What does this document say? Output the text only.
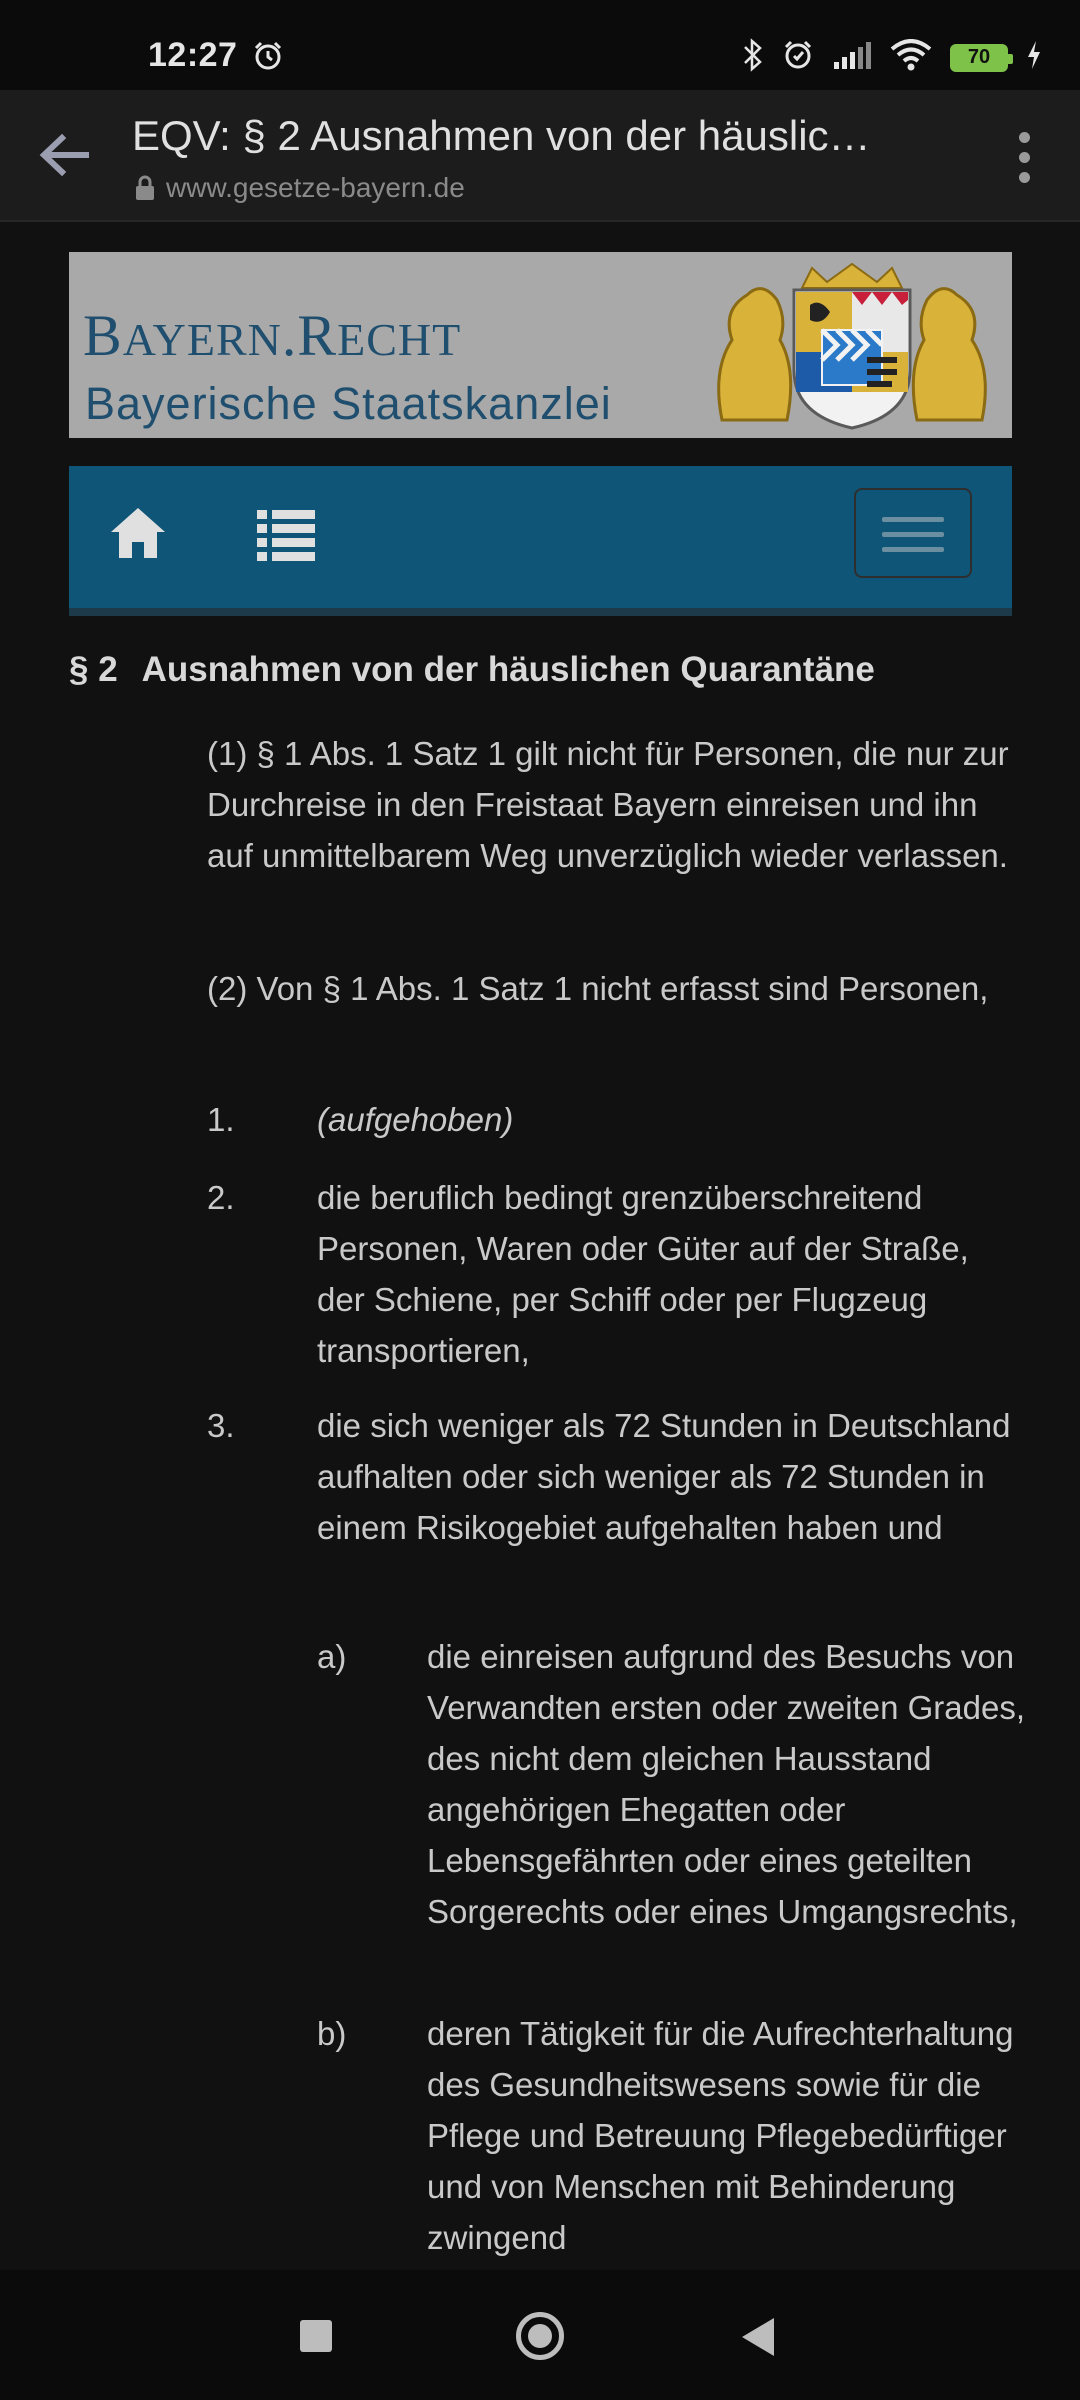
12:27	70
EQV: § 2 Ausnahmen von der häuslic…
www.gesetze-bayern.de
BAYERN.RECHT
Bayerische Staatskanzlei
§ 2 Ausnahmen von der häuslichen Quarantäne
(1) § 1 Abs. 1 Satz 1 gilt nicht für Personen, die nur zur Durchreise in den Freistaat Bayern einreisen und ihn auf unmittelbarem Weg unverzüglich wieder verlassen.
(2) Von § 1 Abs. 1 Satz 1 nicht erfasst sind Personen,
1. (aufgehoben)
2. die beruflich bedingt grenzüberschreitend Personen, Waren oder Güter auf der Straße, der Schiene, per Schiff oder per Flugzeug transportieren,
3. die sich weniger als 72 Stunden in Deutschland aufhalten oder sich weniger als 72 Stunden in einem Risikogebiet aufgehalten haben und
a) die einreisen aufgrund des Besuchs von Verwandten ersten oder zweiten Grades, des nicht dem gleichen Hausstand angehörigen Ehegatten oder Lebensgefährten oder eines geteilten Sorgerechts oder eines Umgangsrechts,
b) deren Tätigkeit für die Aufrechterhaltung des Gesundheitswesens sowie für die Pflege und Betreuung Pflegebedürftiger und von Menschen mit Behinderung zwingend
